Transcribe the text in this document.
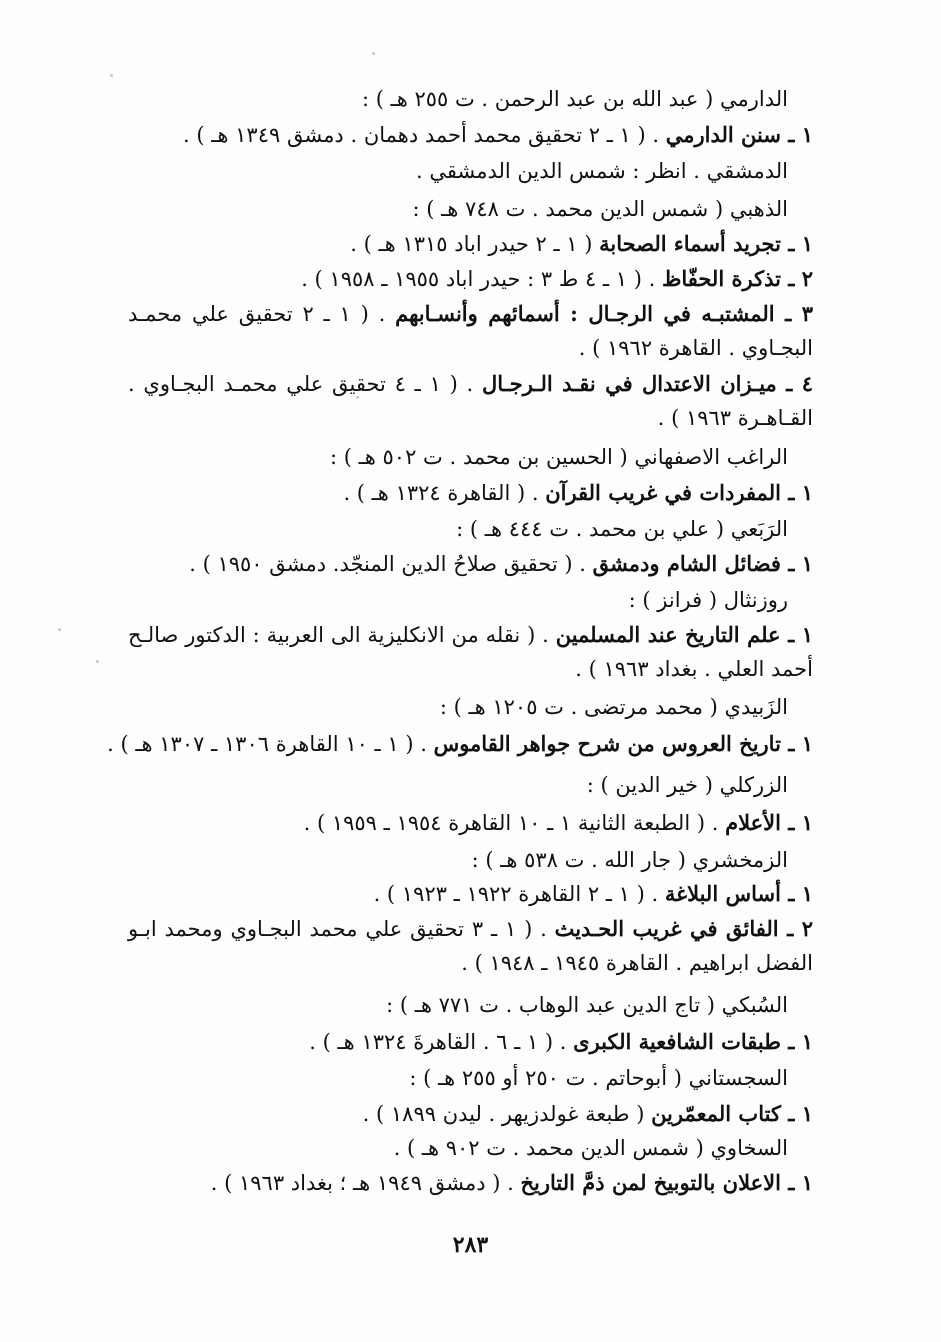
الدارمي ( عبد الله بن عبد الرحمن . ت ٢٥٥ هـ ) :
١ ـ سنن الدارمي . ( ١ ـ ٢ تحقيق محمد أحمد دهمان . دمشق ١٣٤٩ هـ ) .
الدمشقي . انظر : شمس الدين الدمشقي .
الذهبي ( شمس الدين محمد . ت ٧٤٨ هـ ) :
١ ـ تجريد أسماء الصحابة ( ١ ـ ٢ حيدر اباد ١٣١٥ هـ ) .
٢ ـ تذكرة الحفّاظ . ( ١ ـ ٤ ط ٣ : حيدر اباد ١٩٥٥ ـ ١٩٥٨ ) .
٣ ـ المشتبـه في الرجـال : أسمائهم وأنسـابهم . ( ١ ـ ٢ تحقيق علي محمـد البجـاوي . القاهرة ١٩٦٢ ) .
٤ ـ ميـزان الاعتدال في نقـد الـرجـال . ( ١ ـ ٤ تحقيق علي محمـد البجـاوي . القـاهـرة ١٩٦٣ ) .
الراغب الاصفهاني ( الحسين بن محمد . ت ٥٠٢ هـ ) :
١ ـ المفردات في غريب القرآن . ( القاهرة ١٣٢٤ هـ ) .
الرَبَعي ( علي بن محمد . ت ٤٤٤ هـ ) :
١ ـ فضائل الشام ودمشق . ( تحقيق صلاحُ الدين المنجّد. دمشق ١٩٥٠ ) .
روزنثال ( فرانز ) :
١ ـ علم التاريخ عند المسلمين . ( نقله من الانكليزية الى العربية : الدكتور صالـح أحمد العلي . بغداد ١٩٦٣ ) .
الزَبيدي ( محمد مرتضى . ت ١٢٠٥ هـ ) :
١ ـ تاريخ العروس من شرح جواهر القاموس . ( ١ ـ ١٠ القاهرة ١٣٠٦ ـ ١٣٠٧ هـ ) .
الزركلي ( خير الدين ) :
١ ـ الأعلام . ( الطبعة الثانية ١ ـ ١٠ القاهرة ١٩٥٤ ـ ١٩٥٩ ) .
الزمخشري ( جار الله . ت ٥٣٨ هـ ) :
١ ـ أساس البلاغة . ( ١ ـ ٢ القاهرة ١٩٢٢ ـ ١٩٢٣ ) .
٢ ـ الفائق في غريب الحـديث . ( ١ ـ ٣ تحقيق علي محمد البجـاوي ومحمد ابـو الفضل ابراهيم . القاهرة ١٩٤٥ ـ ١٩٤٨ ) .
السُبكي ( تاج الدين عبد الوهاب . ت ٧٧١ هـ ) :
١ ـ طبقات الشافعية الكبرى . ( ١ ـ ٦ . القاهرةَ ١٣٢٤ هـ ) .
السجستاني ( أبوحاتم . ت ٢٥٠ أو ٢٥٥ هـ ) :
١ ـ كتاب المعمّرين ( طبعة غولدزيهر . ليدن ١٨٩٩ ) .
السخاوي ( شمس الدين محمد . ت ٩٠٢ هـ ) .
١ ـ الاعلان بالتوبيخ لمن ذمَّ التاريخ . ( دمشق ١٩٤٩ هـ ؛ بغداد ١٩٦٣ ) .
٢٨٣
